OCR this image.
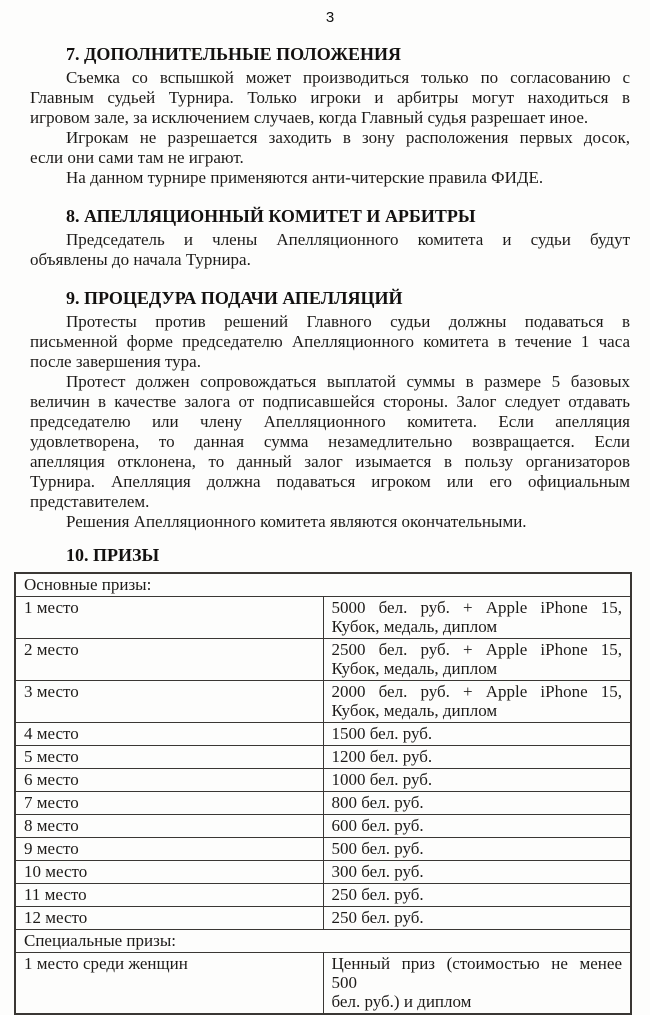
3
7. ДОПОЛНИТЕЛЬНЫЕ ПОЛОЖЕНИЯ

Съемка со вспышкой может производиться только по согласованию с
Главным судьей Турнира. Только игроки и арбитры могут находиться в
игровом зале, за исключением случаев, когда Главный судья разрешает иное.

Игрокам не разрешается заходить в зону расположения первых досок,
если они сами там не играют.

На данном турнире применяются анти-читерские правила ФИДЕ.

8. АПЕЛЛЯЦИОННЫЙ КОМИТЕТ И АРБИТРЫ

Председатель и члены Апелляционного комитета и судьи будут
объявлены до начала Турнира.

9. ПРОЦЕДУРА ПОДАЧИ АПЕЛЛЯЦИЙ

Протесты против решений Главного судьи должны подаваться в
письменной форме председателю Апелляционного комитета в течение 1 часа
после завершения тура.

Протест должен сопровождаться выплатой суммы в размере 5 базовых
величин в качестве залога от подписавшейся стороны. Залог следует отдавать
председателю или члену Апелляционного комитета. Если апелляция
удовлетворена, то данная сумма незамедлительно возвращается. Если
апелляция отклонена, то данный залог изымается в пользу организаторов
Турнира. Апелляция должна подаваться игроком или его официальным
представителем.

Решения Апелляционного комитета являются окончательными.

10. ПРИЗЫ
Основные призы:	
1 место	5000 бел. руб. + Apple iPhone 15,
Кубок, медаль, диплом

2 место	2500 бел. руб. + Apple iPhone 15,
Кубок, медаль, диплом

3 место	2000 бел. руб. + Apple iPhone 15,
Кубок, медаль, диплом

4 место	1500 бел. руб.

5 место	1200 бел. руб.

6 место	1000 бел. руб.

7 место	800 бел. руб.

8 место	600 бел. руб.

9 место	500 бел. руб.

10 место	300 бел. руб.

11 место	250 бел. руб.

12 место	250 бел. руб.

Специальные призы:	
1 место среди женщин	Ценный приз (стоимостью не менее 500
бел. руб.) и диплом
